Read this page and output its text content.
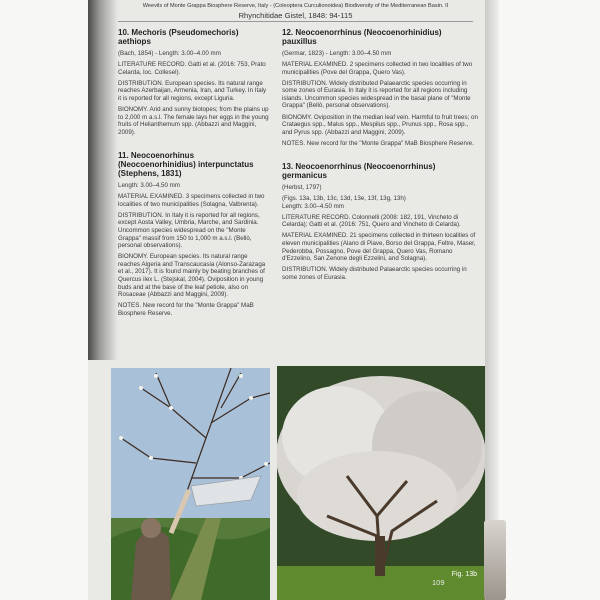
Weevils of Monte Grappa Biosphere Reserve, Italy - (Coleoptera Curculionoidea) Biodiversity of the Mediterranean Basin. II
Rhynchitidae Gistel, 1848: 94-115

10. Mechoris (Pseudomechoris) aethiops

(Bach, 1854) - Length: 3.00–4.00 mm

LITERATURE RECORD. Gatti et al. (2016: 753, Prato Celarda, loc. Collesel).

DISTRIBUTION. European species. Its natural range reaches Azerbaijan, Armenia, Iran, and Turkey. In Italy it is reported for all regions, except Liguria.

BIONOMY. Arid and sunny biotopes; from the plains up to 2,000 m a.s.l. The female lays her eggs in the young fruits of Helianthemum spp. (Abbazzi and Maggini, 2009).

11. Neocoenorhinus (Neocoenorhinidius) interpunctatus (Stephens, 1831)

Length: 3.00–4.50 mm

MATERIAL EXAMINED. 3 specimens collected in two localities of two municipalities (Solagna, Valbrenta).

DISTRIBUTION. In Italy it is reported for all regions, except Aosta Valley, Umbria, Marche, and Sardinia. Uncommon species widespread on the "Monte Grappa" massif from 150 to 1,000 m a.s.l. (Bellò, personal observations).

BIONOMY. European species. Its natural range reaches Algeria and Transcaucasia (Alonso-Zarazaga et al., 2017). It is found mainly by beating branches of Quercus ilex L. (Stejskal, 2004). Oviposition in young buds and at the base of the leaf petiole, also on Rosaceae (Abbazzi and Maggini, 2009).

NOTES. New record for the "Monte Grappa" MaB Biosphere Reserve.

12. Neocoenorrhinus (Neocoenorhinidius) pauxillus

(Germar, 1823) - Length: 3.00–4.50 mm

MATERIAL EXAMINED. 2 specimens collected in two localities of two municipalities (Pove del Grappa, Quero Vas).

DISTRIBUTION. Widely distributed Palaearctic species occurring in some zones of Eurasia. In Italy it is reported for all regions including islands. Uncommon species widespread in the basal plane of "Monte Grappa" (Bellò, personal observations).

BIONOMY. Oviposition in the median leaf vein. Harmful to fruit trees; on Crataegus spp., Malus spp., Mespilus spp., Prunus spp., Rosa spp., and Pyrus spp. (Abbazzi and Maggini, 2009).

NOTES. New record for the "Monte Grappa" MaB Biosphere Reserve.

13. Neocoenorrhinus (Neocoenorrhinus) germanicus

(Herbst, 1797)

(Figs. 13a, 13b, 13c, 13d, 13e, 13f, 13g, 13h)

Length: 3.00–4.50 mm

LITERATURE RECORD. Colonnelli (2008: 182, 191, Vincheto di Celarda); Gatti et al. (2016: 751, Quero and Vincheto di Celarda).

MATERIAL EXAMINED. 21 specimens collected in thirteen localities of eleven municipalities (Alano di Piave, Borso del Grappa, Feltre, Maser, Pederobba, Possagno, Pove del Grappa, Quero Vas, Romano d'Ezzelino, San Zenone degli Ezzelini, and Solagna).

DISTRIBUTION. Widely distributed Palaearctic species occurring in some zones of Eurasia.

Fig. 13b
109
